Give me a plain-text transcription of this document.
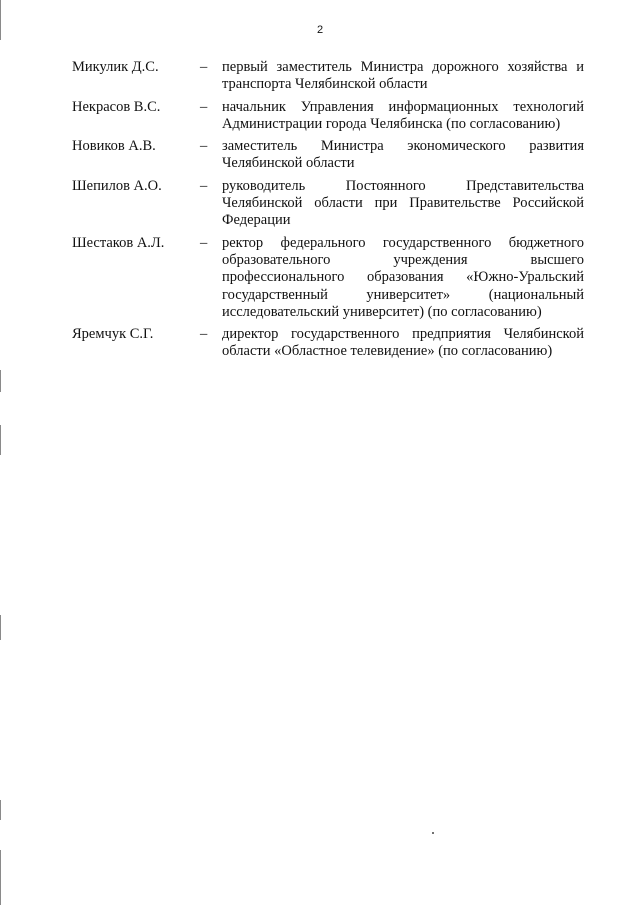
2
Микулик Д.С.	–	первый заместитель Министра дорожного хозяйства и транспорта Челябинской области
Некрасов В.С.	–	начальник Управления информационных технологий Администрации города Челябинска (по согласованию)
Новиков А.В.	–	заместитель Министра экономического развития Челябинской области
Шепилов А.О.	–	руководитель Постоянного Представительства Челябинской области при Правительстве Российской Федерации
Шестаков А.Л.	–	ректор федерального государственного бюджетного образовательного учреждения высшего профессионального образования «Южно-Уральский государственный университет» (национальный исследовательский университет) (по согласованию)
Яремчук С.Г.	–	директор государственного предприятия Челябинской области «Областное телевидение» (по согласованию)
